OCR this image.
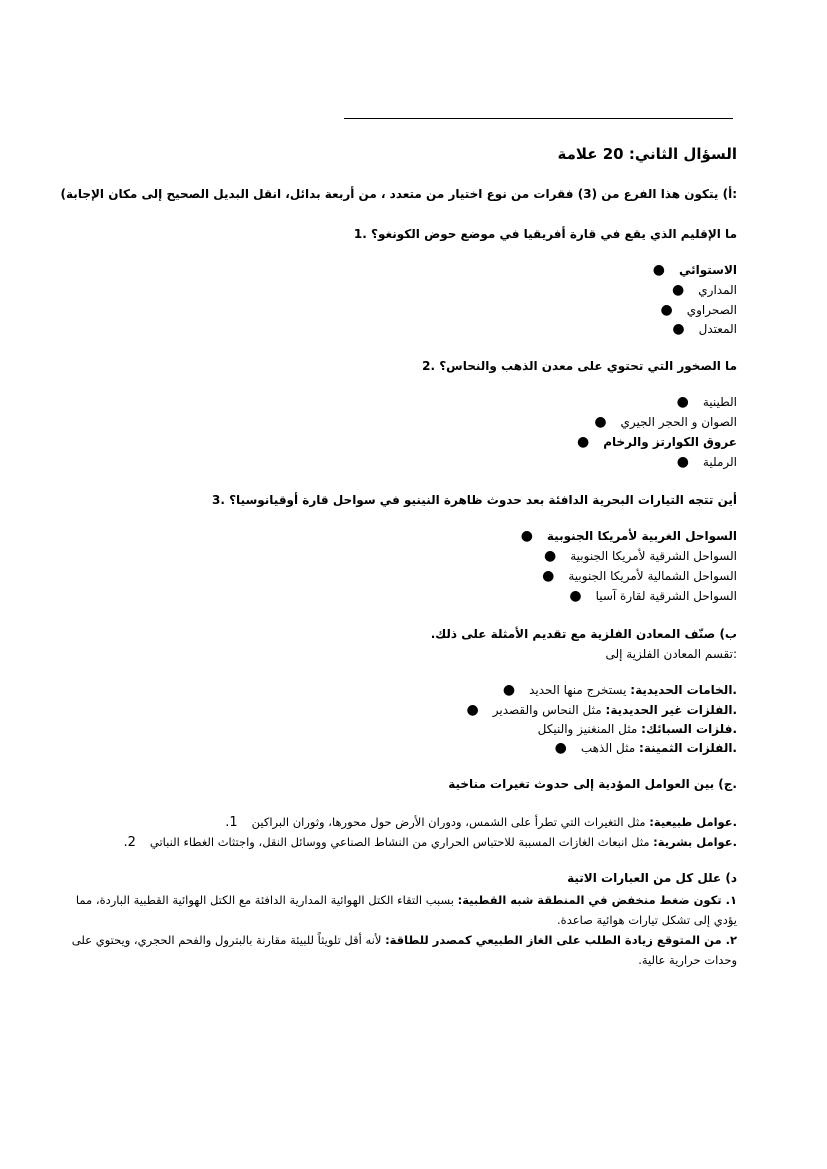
السؤال الثاني: 20 علامة
:أ) يتكون هذا الفرع من (3) فقرات من نوع اختيار من متعدد ، من أربعة بدائل، انقل البديل الصحيح إلى مكان الإجابة)
ما الإقليم الذي يقع في قارة أفريقيا في موضع حوض الكونغو؟ .1
الاستوائي●
المداري●
الصحراوي●
المعتدل●
ما الصخور التي تحتوي على معدن الذهب والنحاس؟ .2
الطينية●
الصوان و الحجر الجيري●
عروق الكوارتز والرخام●
الرملية●
أين تتجه التيارات البحرية الدافئة بعد حدوث ظاهرة النينيو في سواحل قارة أوقيانوسيا؟ .3
السواحل الغربية لأمريكا الجنوبية●
السواحل الشرقية لأمريكا الجنوبية●
السواحل الشمالية لأمريكا الجنوبية●
السواحل الشرقية لقارة آسيا●
ب) صنّف المعادن الفلزية مع تقديم الأمثلة على ذلك.
:تقسم المعادن الفلزية إلى
.الخامات الحديدية: يستخرج منها الحديد●
.الفلزات غير الحديدية: مثل النحاس والقصدير●
.فلزات السبائك: مثل المنغنيز والنيكل
.الفلزات الثمينة: مثل الذهب●
.ج) بين العوامل المؤدية إلى حدوث تغيرات مناخية
.عوامل طبيعية: مثل التغيرات التي تطرأ على الشمس، ودوران الأرض حول محورها، وثوران البراكين1.
.عوامل بشرية: مثل انبعاث الغازات المسببة للاحتباس الحراري من النشاط الصناعي ووسائل النقل، واجتثاث الغطاء النباتي2.
د) علل كل من العبارات الاتية
١. تكون ضغط منخفض في المنطقة شبه القطبية: بسبب التقاء الكتل الهوائية المدارية الدافئة مع الكتل الهوائية القطبية الباردة، مما
يؤدي إلى تشكل تيارات هوائية صاعدة.
٢. من المتوقع زيادة الطلب على الغاز الطبيعي كمصدر للطاقة: لأنه أقل تلويثاً للبيئة مقارنة بالبترول والفحم الحجري، ويحتوي على
وحدات حرارية عالية.
